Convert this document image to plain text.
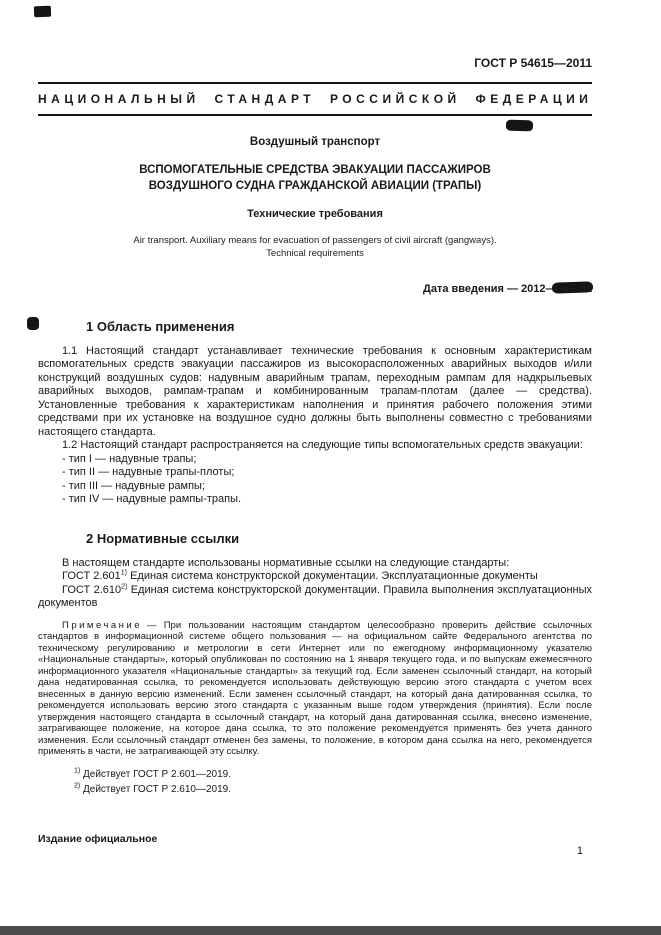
ГОСТ Р 54615—2011
НАЦИОНАЛЬНЫЙ СТАНДАРТ РОССИЙСКОЙ ФЕДЕРАЦИИ
Воздушный транспорт
ВСПОМОГАТЕЛЬНЫЕ СРЕДСТВА ЭВАКУАЦИИ ПАССАЖИРОВ
ВОЗДУШНОГО СУДНА ГРАЖДАНСКОЙ АВИАЦИИ (ТРАПЫ)
Технические требования
Air transport. Auxiliary means for evacuation of passengers of civil aircraft (gangways).
Technical requirements
Дата введения — 2012—06—01
1 Область применения

1.1 Настоящий стандарт устанавливает технические требования к основным характеристикам вспомогательных средств эвакуации пассажиров из высокорасположенных аварийных выходов и/или конструкций воздушных судов: надувным аварийным трапам, переходным рампам для надкрыльевых аварийных выходов, рампам-трапам и комбинированным трапам-плотам (далее — средства). Установленные требования к характеристикам наполнения и принятия рабочего положения этими средствами при их установке на воздушное судно должны быть выполнены совместно с требованиями настоящего стандарта.

1.2 Настоящий стандарт распространяется на следующие типы вспомогательных средств эвакуации:

- тип I — надувные трапы;
- тип II — надувные трапы-плоты;
- тип III — надувные рампы;
- тип IV — надувные рампы-трапы.
2 Нормативные ссылки

В настоящем стандарте использованы нормативные ссылки на следующие стандарты:

ГОСТ 2.601$^{1)}$ Единая система конструкторской документации. Эксплуатационные документы

ГОСТ 2.610$^{2)}$ Единая система конструкторской документации. Правила выполнения эксплуатационных документов

Примечание — При пользовании настоящим стандартом целесообразно проверить действие ссылочных стандартов в информационной системе общего пользования — на официальном сайте Федерального агентства по техническому регулированию и метрологии в сети Интернет или по ежегодному информационному указателю «Национальные стандарты», который опубликован по состоянию на 1 января текущего года, и по выпускам ежемесячного информационного указателя «Национальные стандарты» за текущий год. Если заменен ссылочный стандарт, на который дана недатированная ссылка, то рекомендуется использовать действующую версию этого стандарта с учетом всех внесенных в данную версию изменений. Если заменен ссылочный стандарт, на который дана датированная ссылка, то рекомендуется использовать версию этого стандарта с указанным выше годом утверждения (принятия). Если после утверждения настоящего стандарта в ссылочный стандарт, на который дана датированная ссылка, внесено изменение, затрагивающее положение, на которое дана ссылка, то это положение рекомендуется применять без учета данного изменения. Если ссылочный стандарт отменен без замены, то положение, в котором дана ссылка на него, рекомендуется применять в части, не затрагивающей эту ссылку.

$^{1)}$ Действует ГОСТ Р 2.601—2019.

$^{2)}$ Действует ГОСТ Р 2.610—2019.

Издание официальное
1
